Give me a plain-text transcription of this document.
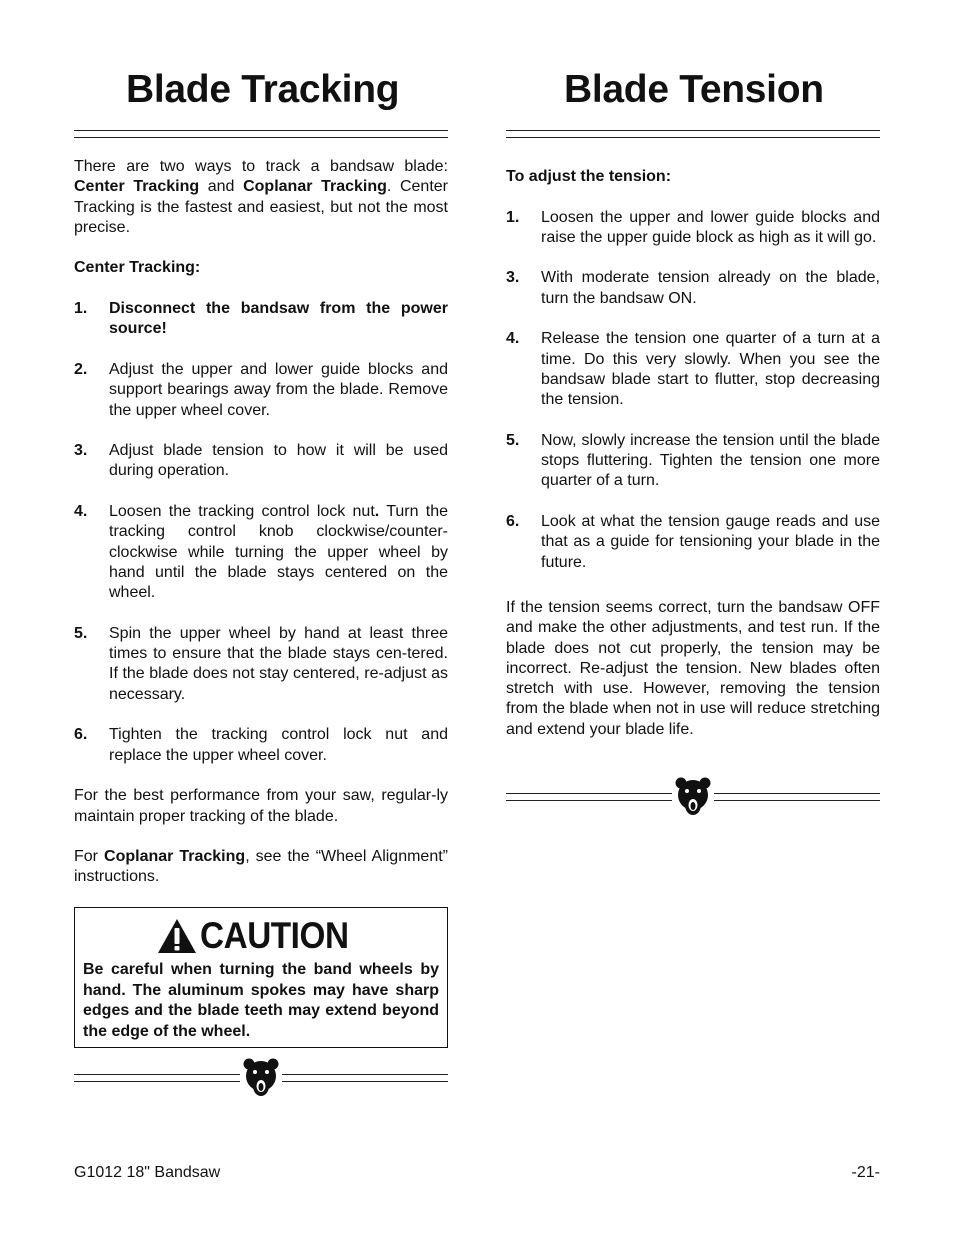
Blade Tracking

There are two ways to track a bandsaw blade: Center Tracking and Coplanar Tracking. Center Tracking is the fastest and easiest, but not the most precise.

Center Tracking:

1. Disconnect the bandsaw from the power source!
2. Adjust the upper and lower guide blocks and support bearings away from the blade. Remove the upper wheel cover.
3. Adjust blade tension to how it will be used during operation.
4. Loosen the tracking control lock nut. Turn the tracking control knob clockwise/counter-clockwise while turning the upper wheel by hand until the blade stays centered on the wheel.
5. Spin the upper wheel by hand at least three times to ensure that the blade stays cen-tered. If the blade does not stay centered, re-adjust as necessary.
6. Tighten the tracking control lock nut and replace the upper wheel cover.

For the best performance from your saw, regular-ly maintain proper tracking of the blade.

For Coplanar Tracking, see the “Wheel Alignment” instructions.

CAUTION
Be careful when turning the band wheels by hand. The aluminum spokes may have sharp edges and the blade teeth may extend beyond the edge of the wheel.
Blade Tension

To adjust the tension:

1. Loosen the upper and lower guide blocks and raise the upper guide block as high as it will go.
3. With moderate tension already on the blade, turn the bandsaw ON.
4. Release the tension one quarter of a turn at a time. Do this very slowly. When you see the bandsaw blade start to flutter, stop decreasing the tension.
5. Now, slowly increase the tension until the blade stops fluttering. Tighten the tension one more quarter of a turn.
6. Look at what the tension gauge reads and use that as a guide for tensioning your blade in the future.

If the tension seems correct, turn the bandsaw OFF and make the other adjustments, and test run. If the blade does not cut properly, the tension may be incorrect. Re-adjust the tension. New blades often stretch with use. However, removing the tension from the blade when not in use will reduce stretching and extend your blade life.

G1012 18" Bandsaw	-21-
